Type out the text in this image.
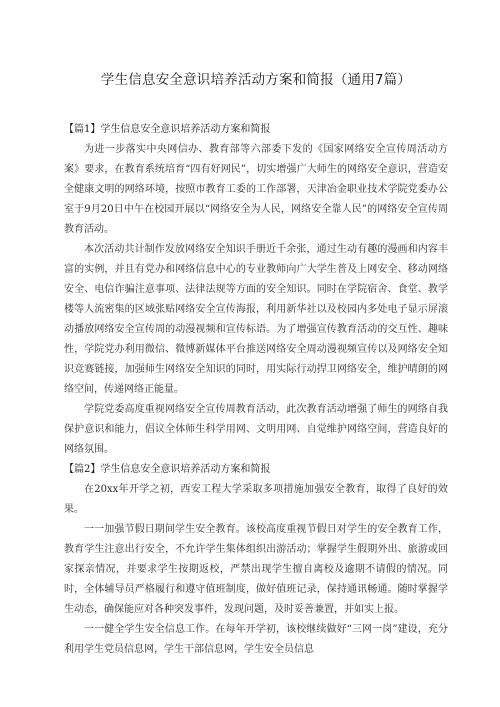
学生信息安全意识培养活动方案和简报（通用7篇）

【篇1】学生信息安全意识培养活动方案和简报

为进一步落实中央网信办、教育部等六部委下发的《国家网络安全宣传周活动方案》要求，在教育系统培育“四有好网民”，切实增强广大师生的网络安全意识，营造安全健康文明的网络环境，按照市教育工委的工作部署，天津冶金职业技术学院党委办公室于9月20日中午在校园开展以“网络安全为人民，网络安全靠人民”的网络安全宣传周教育活动。

本次活动共计制作发放网络安全知识手册近千余张，通过生动有趣的漫画和内容丰富的实例，并且有党办和网络信息中心的专业教师向广大学生普及上网安全、移动网络安全、电信诈骗注意事项、法律法规等方面的安全知识。同时在学院宿舍、食堂、教学楼等人流密集的区域张贴网络安全宣传海报，利用新华社以及校园内多处电子显示屏滚动播放网络安全宣传周的动漫视频和宣传标语。为了增强宣传教育活动的交互性、趣味性，学院党办利用微信、微博新媒体平台推送网络安全周动漫视频宣传以及网络安全知识竞赛链接，加强师生网络安全知识的同时，用实际行动捍卫网络安全，维护晴朗的网络空间，传递网络正能量。

学院党委高度重视网络安全宣传周教育活动，此次教育活动增强了师生的网络自我保护意识和能力，倡议全体师生科学用网、文明用网、自觉维护网络空间，营造良好的网络氛围。

【篇2】学生信息安全意识培养活动方案和简报

在20xx年开学之初，西安工程大学采取多项措施加强安全教育，取得了良好的效果。

一一加强节假日期间学生安全教育。该校高度重视节假日对学生的安全教育工作，教育学生注意出行安全，不允许学生集体组织出游活动；掌握学生假期外出、旅游或回家探亲情况，并要求学生按期返校，严禁出现学生擅自离校及逾期不请假的情况。同时，全体辅导员严格履行和遵守值班制度，做好值班记录，保持通讯畅通。随时掌握学生动态，确保能应对各种突发事件，发现问题，及时妥善兼置，并如实上报。

一一健全学生安全信息工作。在每年开学初，该校继续做好“三网一岗”建设，充分利用学生党员信息网，学生干部信息网，学生安全员信息
